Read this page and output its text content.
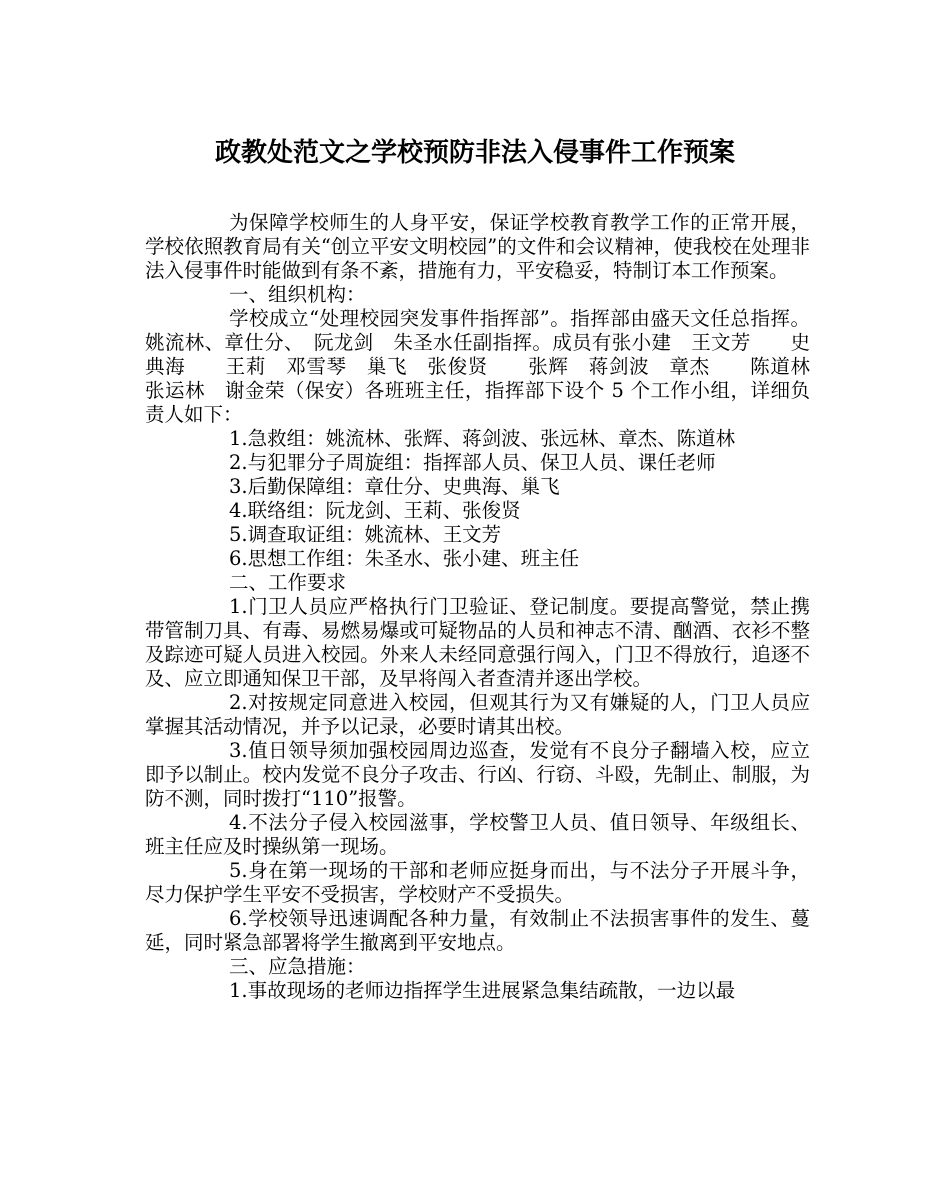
政教处范文之学校预防非法入侵事件工作预案

为保障学校师生的人身平安，保证学校教育教学工作的正常开展，学校依照教育局有关“创立平安文明校园”的文件和会议精神，使我校在处理非法入侵事件时能做到有条不紊，措施有力，平安稳妥，特制订本工作预案。

一、组织机构：

学校成立“处理校园突发事件指挥部”。指挥部由盛天文任总指挥。姚流林、章仕分、　阮龙剑　朱圣水任副指挥。成员有张小建　王文芳　　史典海　　王莉　邓雪琴　巢飞　张俊贤　　张辉　蒋剑波　章杰　　陈道林　张运林　谢金荣（保安）各班班主任，指挥部下设个 5 个工作小组，详细负责人如下：

1.急救组：姚流林、张辉、蒋剑波、张远林、章杰、陈道林

2.与犯罪分子周旋组：指挥部人员、保卫人员、课任老师

3.后勤保障组：章仕分、史典海、巢飞

4.联络组：阮龙剑、王莉、张俊贤

5.调查取证组：姚流林、王文芳

6.思想工作组：朱圣水、张小建、班主任

二、工作要求

1.门卫人员应严格执行门卫验证、登记制度。要提高警觉，禁止携带管制刀具、有毒、易燃易爆或可疑物品的人员和神志不清、酗酒、衣衫不整及踪迹可疑人员进入校园。外来人未经同意强行闯入，门卫不得放行，追逐不及、应立即通知保卫干部，及早将闯入者查清并逐出学校。

2.对按规定同意进入校园，但观其行为又有嫌疑的人，门卫人员应掌握其活动情况，并予以记录，必要时请其出校。

3.值日领导须加强校园周边巡查，发觉有不良分子翻墙入校，应立即予以制止。校内发觉不良分子攻击、行凶、行窃、斗殴，先制止、制服，为防不测，同时拨打“110”报警。

4.不法分子侵入校园滋事，学校警卫人员、值日领导、年级组长、班主任应及时操纵第一现场。

5.身在第一现场的干部和老师应挺身而出，与不法分子开展斗争，尽力保护学生平安不受损害，学校财产不受损失。

6.学校领导迅速调配各种力量，有效制止不法损害事件的发生、蔓延，同时紧急部署将学生撤离到平安地点。

三、应急措施：

1.事故现场的老师边指挥学生进展紧急集结疏散，一边以最
